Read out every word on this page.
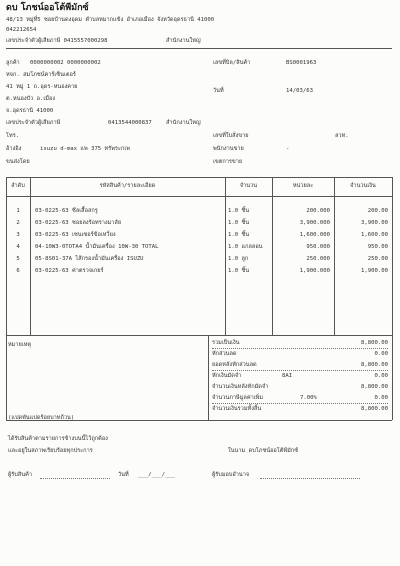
ดบ โภชน์ออโต้พีมักซ์
48/13 หมู่ที่5 ซอยบ้านดงอุดม ตำบลหมากแข้ง อำเภอเมือง จังหวัดอุดรธานี 41000
042212654
เลขประจำตัวผู้เสียภาษี 0415557000298	สำนักงานใหญ่
ลูกค้า 0000000002 0000000002
หจก. สมโภชน์คาร์เซ็นเตอร์
41 หมู่ 1 ถ.อุดร-หนองคาย
ต.หนองบัว อ.เมือง
จ.อุดรธานี 41000
เลขประจำตัวผู้เสียภาษี	0413544000837	สำนักงานใหญ่
โทร.
อ้างอิง	isuzu d-max แพ 375 ทรัพระกเพ
ขนส่งโดย
เลขที่บิล/สินค้า	BS0001963
วันที่	14/03/63
เลขที่ใบสั่งขาย	ลวท.
พนักงานขาย	-
เขตการขาย
ลำดับ	รหัสสินค้า/รายละเอียด	จำนวน	หน่วยละ	จำนวนเงิน
1	03-0225-63 ซีลเสื้อสกรู	1.0 ชิ้น	200.000	200.00
2	03-0225-63 ซอยลงร้อทรางมาลัย	1.0 ชิ้น	3,900.000	3,900.00
3	03-0225-63 เซนเซอร์ข้อเหวี่ยง	1.0 ชิ้น	1,600.000	1,600.00
4	04-10W3-0TOTA4 น้ำมันเครื่อง 10W-30 TOTAL	1.0 แกลลอน	950.000	950.00
5	05-8S01-37A ไส้กรองน้ำมันเครื่อง ISUZU	1.0 ลูก	250.000	250.00
6	03-0225-63 ค่าตรวจเกยร์	1.0 ชิ้น	1,900.000	1,900.00
หมายเหตุ
(แปดพันแปดร้อยบาทถ้วน)
รวมเป็นเงิน	8,800.00
หักส่วนลด	0.00
ยอดหลังหักส่วนลด	8,800.00
หักเงินมัดจำ	8AI	0.00
จำนวนเงินหลังหักมัดจำ	8,800.00
จำนวนภาษีมูลค่าเพิ่ม	7.00%	0.00
จำนวนเงินรวมทั้งสิ้น	8,800.00
ได้รับสินค้าตามรายการข้างบนนี้ไว้ถูกต้อง
และอยู่ในสภาพเรียบร้อยทุกประการ	ในนาม ดบโภชน์ออโต้พีมักซ์
ผู้รับสินค้า	วันที่ ___/___/___	ผู้รับมอบอำนาจ
